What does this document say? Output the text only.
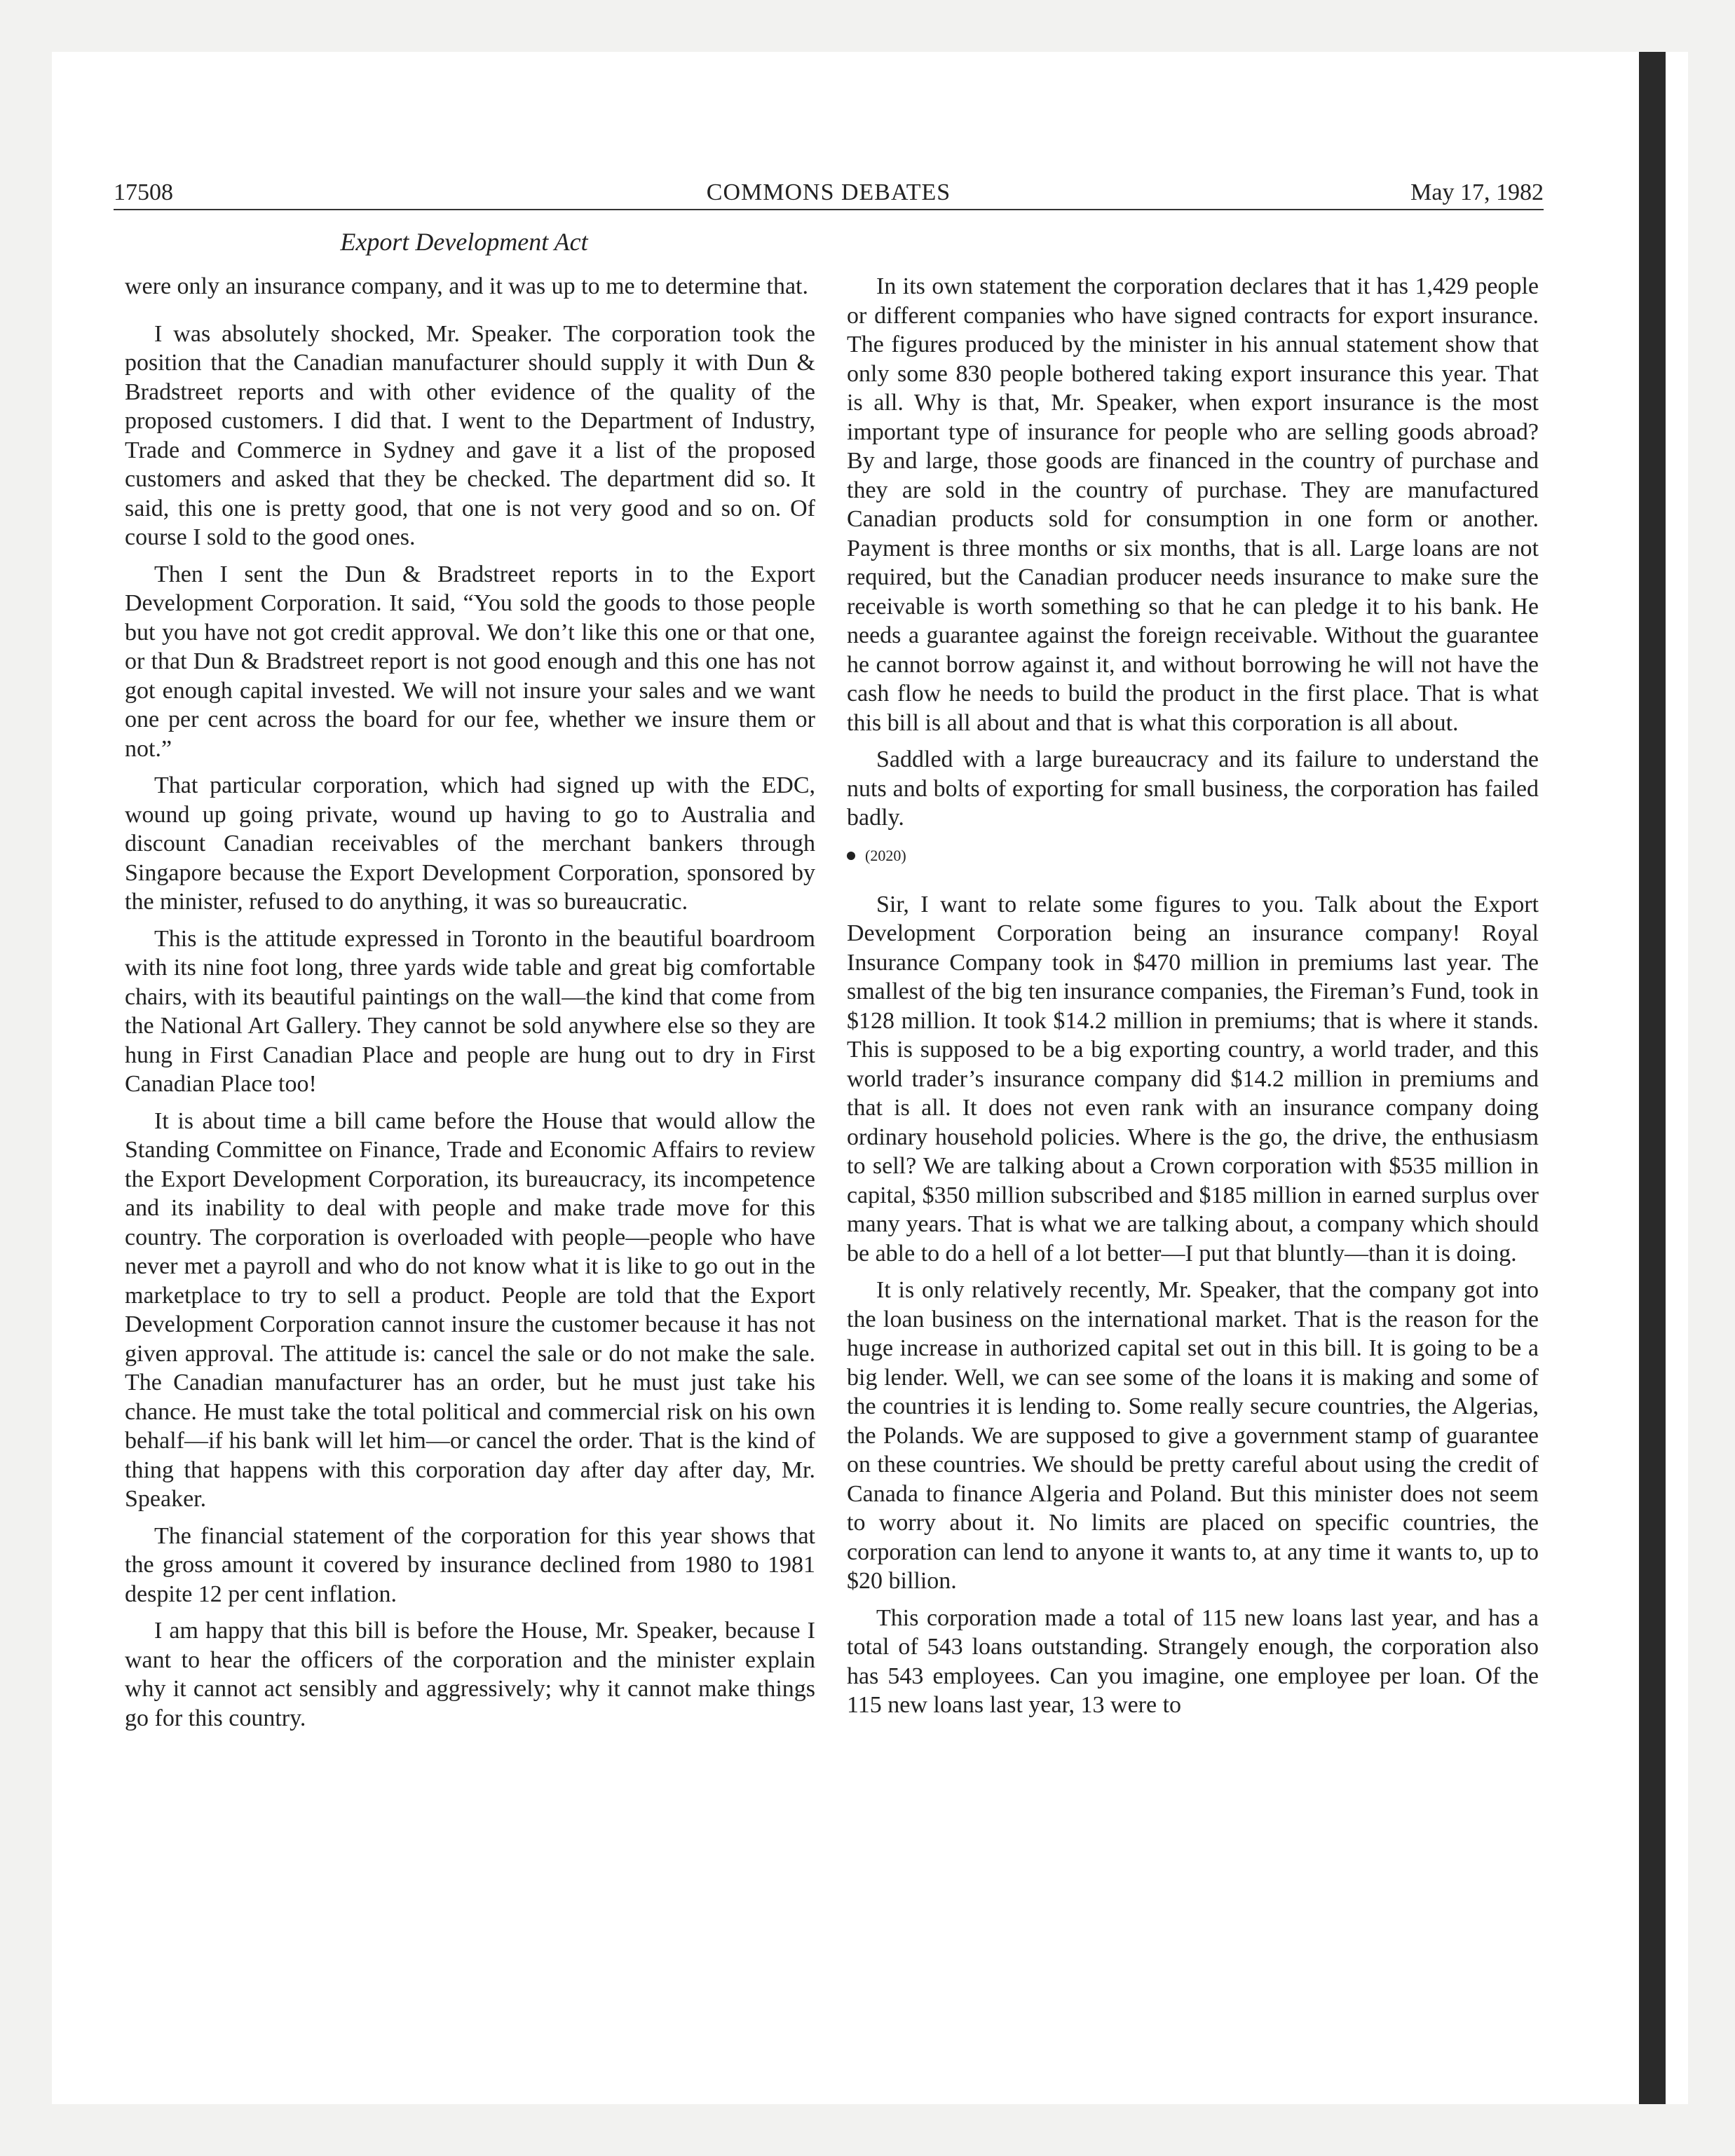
17508	COMMONS DEBATES	May 17, 1982
Export Development Act

were only an insurance company, and it was up to me to determine that.

I was absolutely shocked, Mr. Speaker. The corporation took the position that the Canadian manufacturer should supply it with Dun & Bradstreet reports and with other evidence of the quality of the proposed customers. I did that. I went to the Department of Industry, Trade and Commerce in Sydney and gave it a list of the proposed customers and asked that they be checked. The department did so. It said, this one is pretty good, that one is not very good and so on. Of course I sold to the good ones.

Then I sent the Dun & Bradstreet reports in to the Export Development Corporation. It said, “You sold the goods to those people but you have not got credit approval. We don’t like this one or that one, or that Dun & Bradstreet report is not good enough and this one has not got enough capital invested. We will not insure your sales and we want one per cent across the board for our fee, whether we insure them or not.”

That particular corporation, which had signed up with the EDC, wound up going private, wound up having to go to Australia and discount Canadian receivables of the merchant bankers through Singapore because the Export Development Corporation, sponsored by the minister, refused to do anything, it was so bureaucratic.

This is the attitude expressed in Toronto in the beautiful boardroom with its nine foot long, three yards wide table and great big comfortable chairs, with its beautiful paintings on the wall—the kind that come from the National Art Gallery. They cannot be sold anywhere else so they are hung in First Canadian Place and people are hung out to dry in First Canadian Place too!

It is about time a bill came before the House that would allow the Standing Committee on Finance, Trade and Economic Affairs to review the Export Development Corporation, its bureaucracy, its incompetence and its inability to deal with people and make trade move for this country. The corporation is overloaded with people—people who have never met a payroll and who do not know what it is like to go out in the marketplace to try to sell a product. People are told that the Export Development Corporation cannot insure the customer because it has not given approval. The attitude is: cancel the sale or do not make the sale. The Canadian manufacturer has an order, but he must just take his chance. He must take the total political and commercial risk on his own behalf—if his bank will let him—or cancel the order. That is the kind of thing that happens with this corporation day after day after day, Mr. Speaker.

The financial statement of the corporation for this year shows that the gross amount it covered by insurance declined from 1980 to 1981 despite 12 per cent inflation.

I am happy that this bill is before the House, Mr. Speaker, because I want to hear the officers of the corporation and the minister explain why it cannot act sensibly and aggressively; why it cannot make things go for this country.

In its own statement the corporation declares that it has 1,429 people or different companies who have signed contracts for export insurance. The figures produced by the minister in his annual statement show that only some 830 people bothered taking export insurance this year. That is all. Why is that, Mr. Speaker, when export insurance is the most important type of insurance for people who are selling goods abroad? By and large, those goods are financed in the country of purchase and they are sold in the country of purchase. They are manufactured Canadian products sold for consumption in one form or another. Payment is three months or six months, that is all. Large loans are not required, but the Canadian producer needs insurance to make sure the receivable is worth something so that he can pledge it to his bank. He needs a guarantee against the foreign receivable. Without the guarantee he cannot borrow against it, and without borrowing he will not have the cash flow he needs to build the product in the first place. That is what this bill is all about and that is what this corporation is all about.

Saddled with a large bureaucracy and its failure to understand the nuts and bolts of exporting for small business, the corporation has failed badly.

(2020)

Sir, I want to relate some figures to you. Talk about the Export Development Corporation being an insurance company! Royal Insurance Company took in $470 million in premiums last year. The smallest of the big ten insurance companies, the Fireman’s Fund, took in $128 million. It took $14.2 million in premiums; that is where it stands. This is supposed to be a big exporting country, a world trader, and this world trader’s insurance company did $14.2 million in premiums and that is all. It does not even rank with an insurance company doing ordinary household policies. Where is the go, the drive, the enthusiasm to sell? We are talking about a Crown corporation with $535 million in capital, $350 million subscribed and $185 million in earned surplus over many years. That is what we are talking about, a company which should be able to do a hell of a lot better—I put that bluntly—than it is doing.

It is only relatively recently, Mr. Speaker, that the company got into the loan business on the international market. That is the reason for the huge increase in authorized capital set out in this bill. It is going to be a big lender. Well, we can see some of the loans it is making and some of the countries it is lending to. Some really secure countries, the Algerias, the Polands. We are supposed to give a government stamp of guarantee on these countries. We should be pretty careful about using the credit of Canada to finance Algeria and Poland. But this minister does not seem to worry about it. No limits are placed on specific countries, the corporation can lend to anyone it wants to, at any time it wants to, up to $20 billion.

This corporation made a total of 115 new loans last year, and has a total of 543 loans outstanding. Strangely enough, the corporation also has 543 employees. Can you imagine, one employee per loan. Of the 115 new loans last year, 13 were to
